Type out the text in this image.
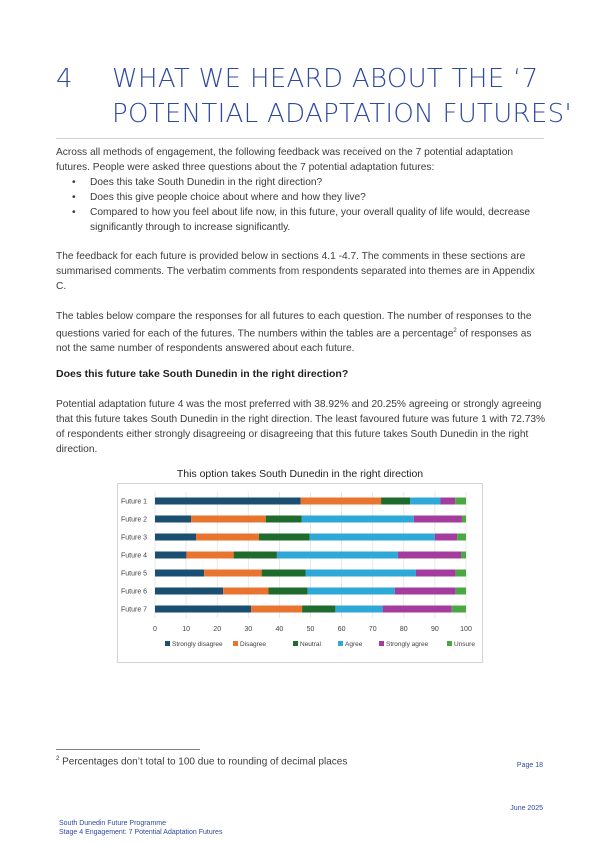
4 WHAT WE HEARD ABOUT THE ‘7 POTENTIAL ADAPTATION FUTURES'
Across all methods of engagement, the following feedback was received on the 7 potential adaptation futures. People were asked three questions about the 7 potential adaptation futures:
• Does this take South Dunedin in the right direction?
• Does this give people choice about where and how they live?
• Compared to how you feel about life now, in this future, your overall quality of life would, decrease significantly through to increase significantly.
The feedback for each future is provided below in sections 4.1 -4.7. The comments in these sections are summarised comments. The verbatim comments from respondents separated into themes are in Appendix C.
The tables below compare the responses for all futures to each question. The number of responses to the questions varied for each of the futures. The numbers within the tables are a percentage$^2$ of responses as not the same number of respondents answered about each future.
Does this future take South Dunedin in the right direction?
Potential adaptation future 4 was the most preferred with 38.92% and 20.25% agreeing or strongly agreeing that this future takes South Dunedin in the right direction. The least favoured future was future 1 with 72.73% of respondents either strongly disagreeing or disagreeing that this future takes South Dunedin in the right direction.
This option takes South Dunedin in the right direction
0	10	20	30	40	50	60	70	80	90	100
Future 1
Future 2
Future 3
Future 4
Future 5
Future 6
Future 7
Strongly disagree	Disagree	Neutral	Agree	Strongly agree	Unsure
$^2$ Percentages don’t total to 100 due to rounding of decimal places	Page 18
June 2025
South Dunedin Future Programme
Stage 4 Engagement: 7 Potential Adaptation Futures
